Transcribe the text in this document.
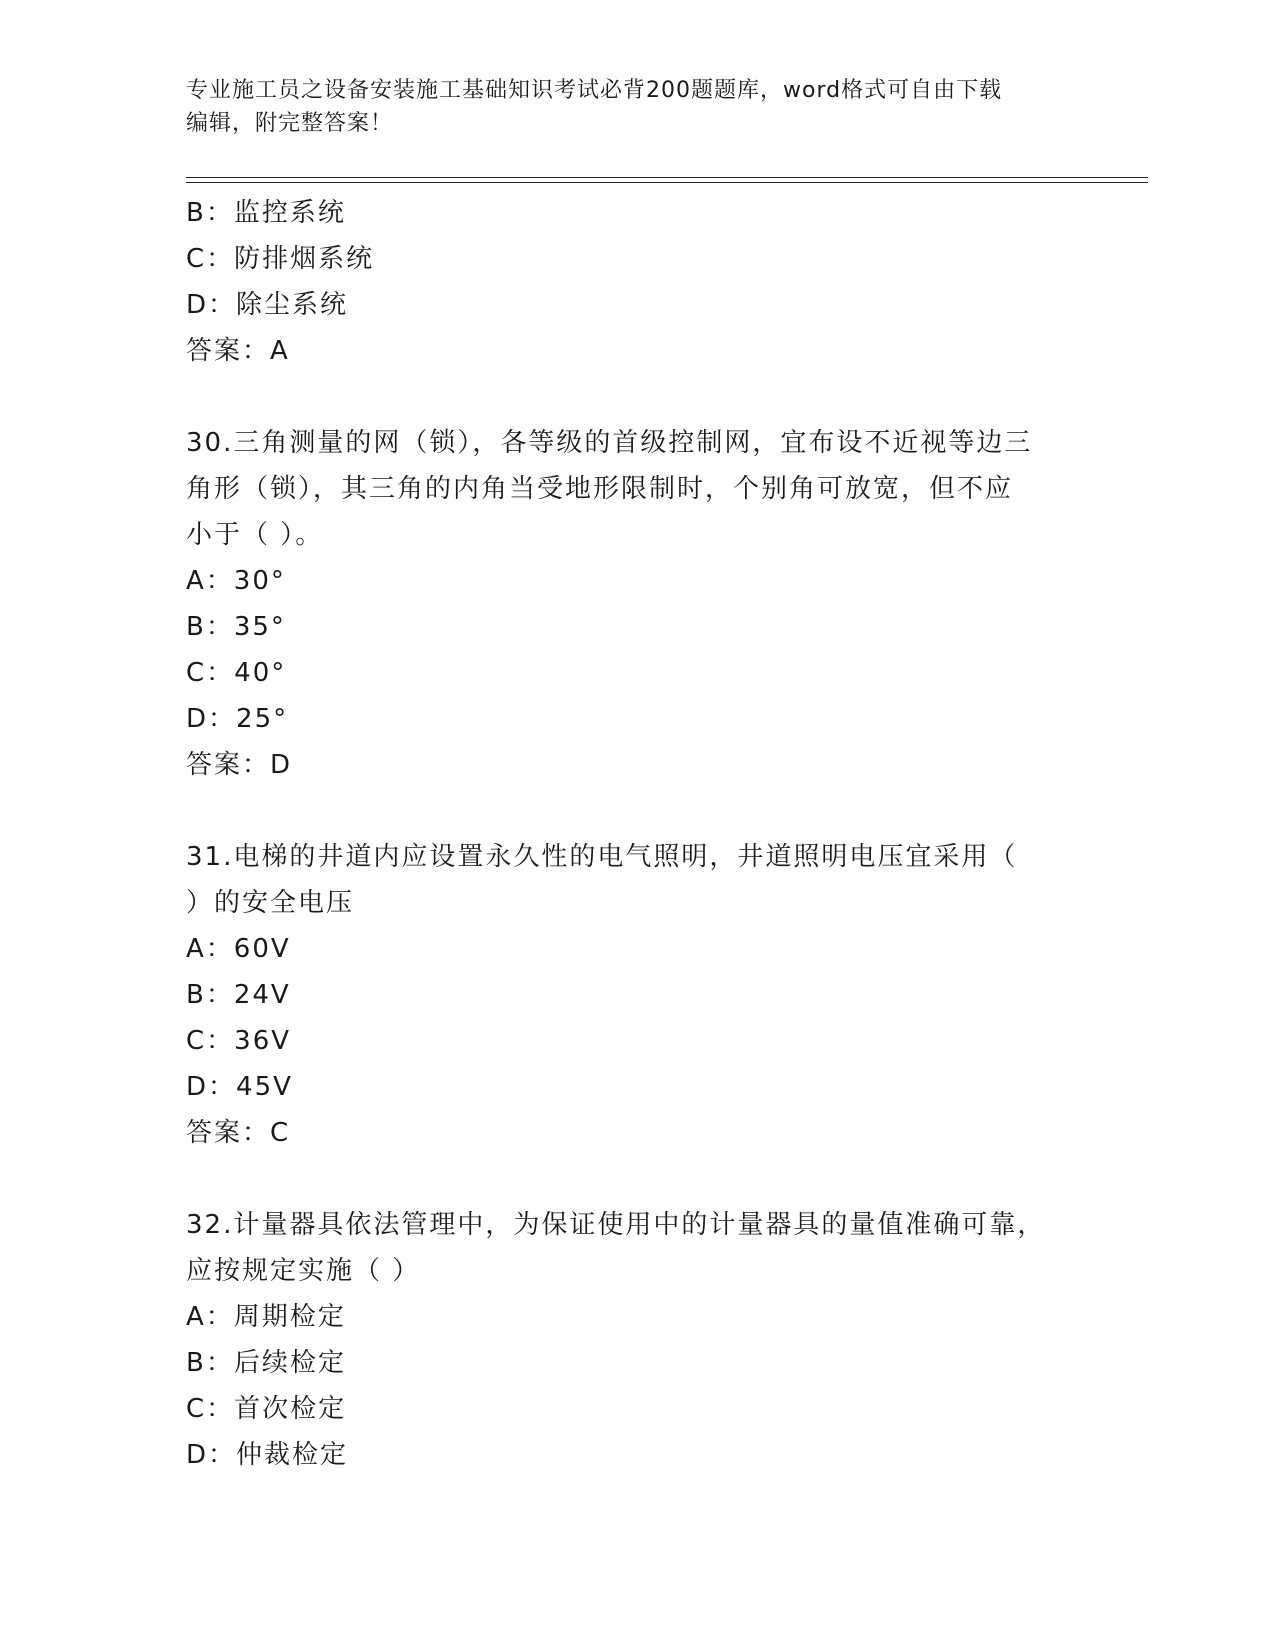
专业施工员之设备安装施工基础知识考试必背200题题库，word格式可自由下载
编辑，附完整答案！
B：监控系统
C：防排烟系统
D：除尘系统
答案：A
30.三角测量的网（锁），各等级的首级控制网，宜布设不近视等边三
角形（锁），其三角的内角当受地形限制时，个别角可放宽，但不应
小于（ ）。
A：30°
B：35°
C：40°
D：25°
答案：D
31.电梯的井道内应设置永久性的电气照明，井道照明电压宜采用（
）的安全电压
A：60V
B：24V
C：36V
D：45V
答案：C
32.计量器具依法管理中，为保证使用中的计量器具的量值准确可靠，
应按规定实施（ ）
A：周期检定
B：后续检定
C：首次检定
D：仲裁检定
